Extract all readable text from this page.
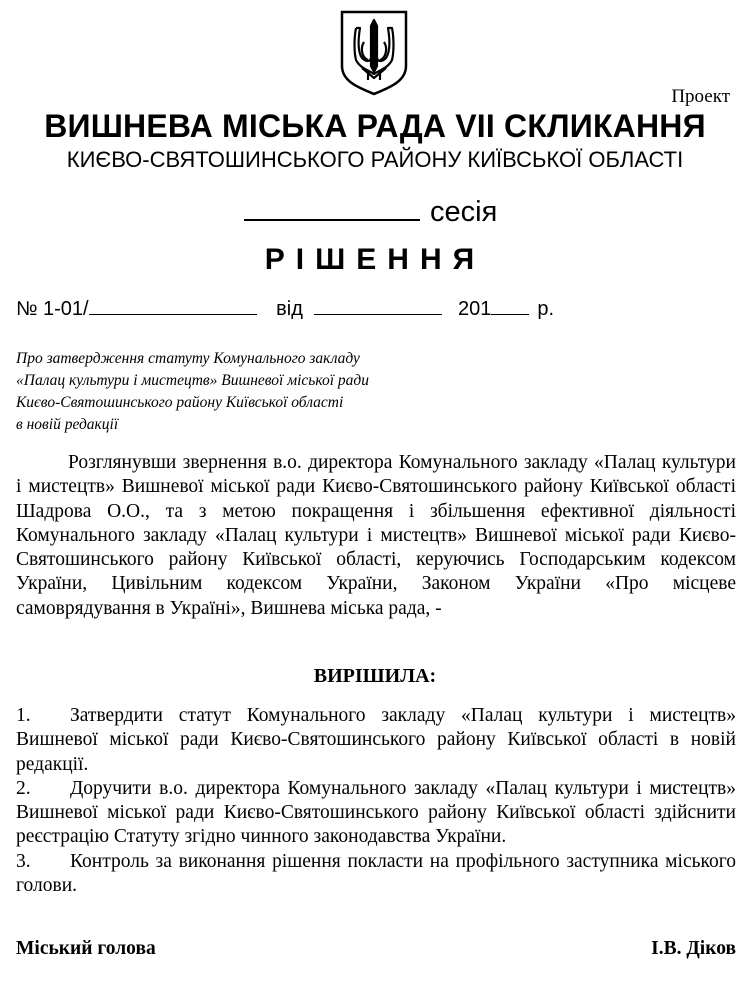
Проект
ВИШНЕВА МІСЬКА РАДА VII СКЛИКАННЯ
КИЄВО-СВЯТОШИНСЬКОГО РАЙОНУ КИЇВСЬКОЇ ОБЛАСТІ
сесія
РІШЕННЯ
№ 1-01/	від	201 р.
Про затвердження статуту Комунального закладу
«Палац культури і мистецтв» Вишневої міської ради
Києво-Святошинського району Київської області
в новій редакції
Розглянувши звернення в.о. директора Комунального закладу «Палац культури і мистецтв» Вишневої міської ради Києво-Святошинського району Київської області Шадрова О.О., та з метою покращення і збільшення ефективної діяльності Комунального закладу «Палац культури і мистецтв» Вишневої міської ради Києво-Святошинського району Київської області, керуючись Господарським кодексом України, Цивільним кодексом України, Законом України «Про місцеве самоврядування в Україні», Вишнева міська рада, -
ВИРІШИЛА:
1. Затвердити статут Комунального закладу «Палац культури і мистецтв» Вишневої міської ради Києво-Святошинського району Київської області в новій редакції.
2. Доручити в.о. директора Комунального закладу «Палац культури і мистецтв» Вишневої міської ради Києво-Святошинського району Київської області здійснити реєстрацію Статуту згідно чинного законодавства України.
3. Контроль за виконання рішення покласти на профільного заступника міського голови.
Міський голова	І.В. Діков
